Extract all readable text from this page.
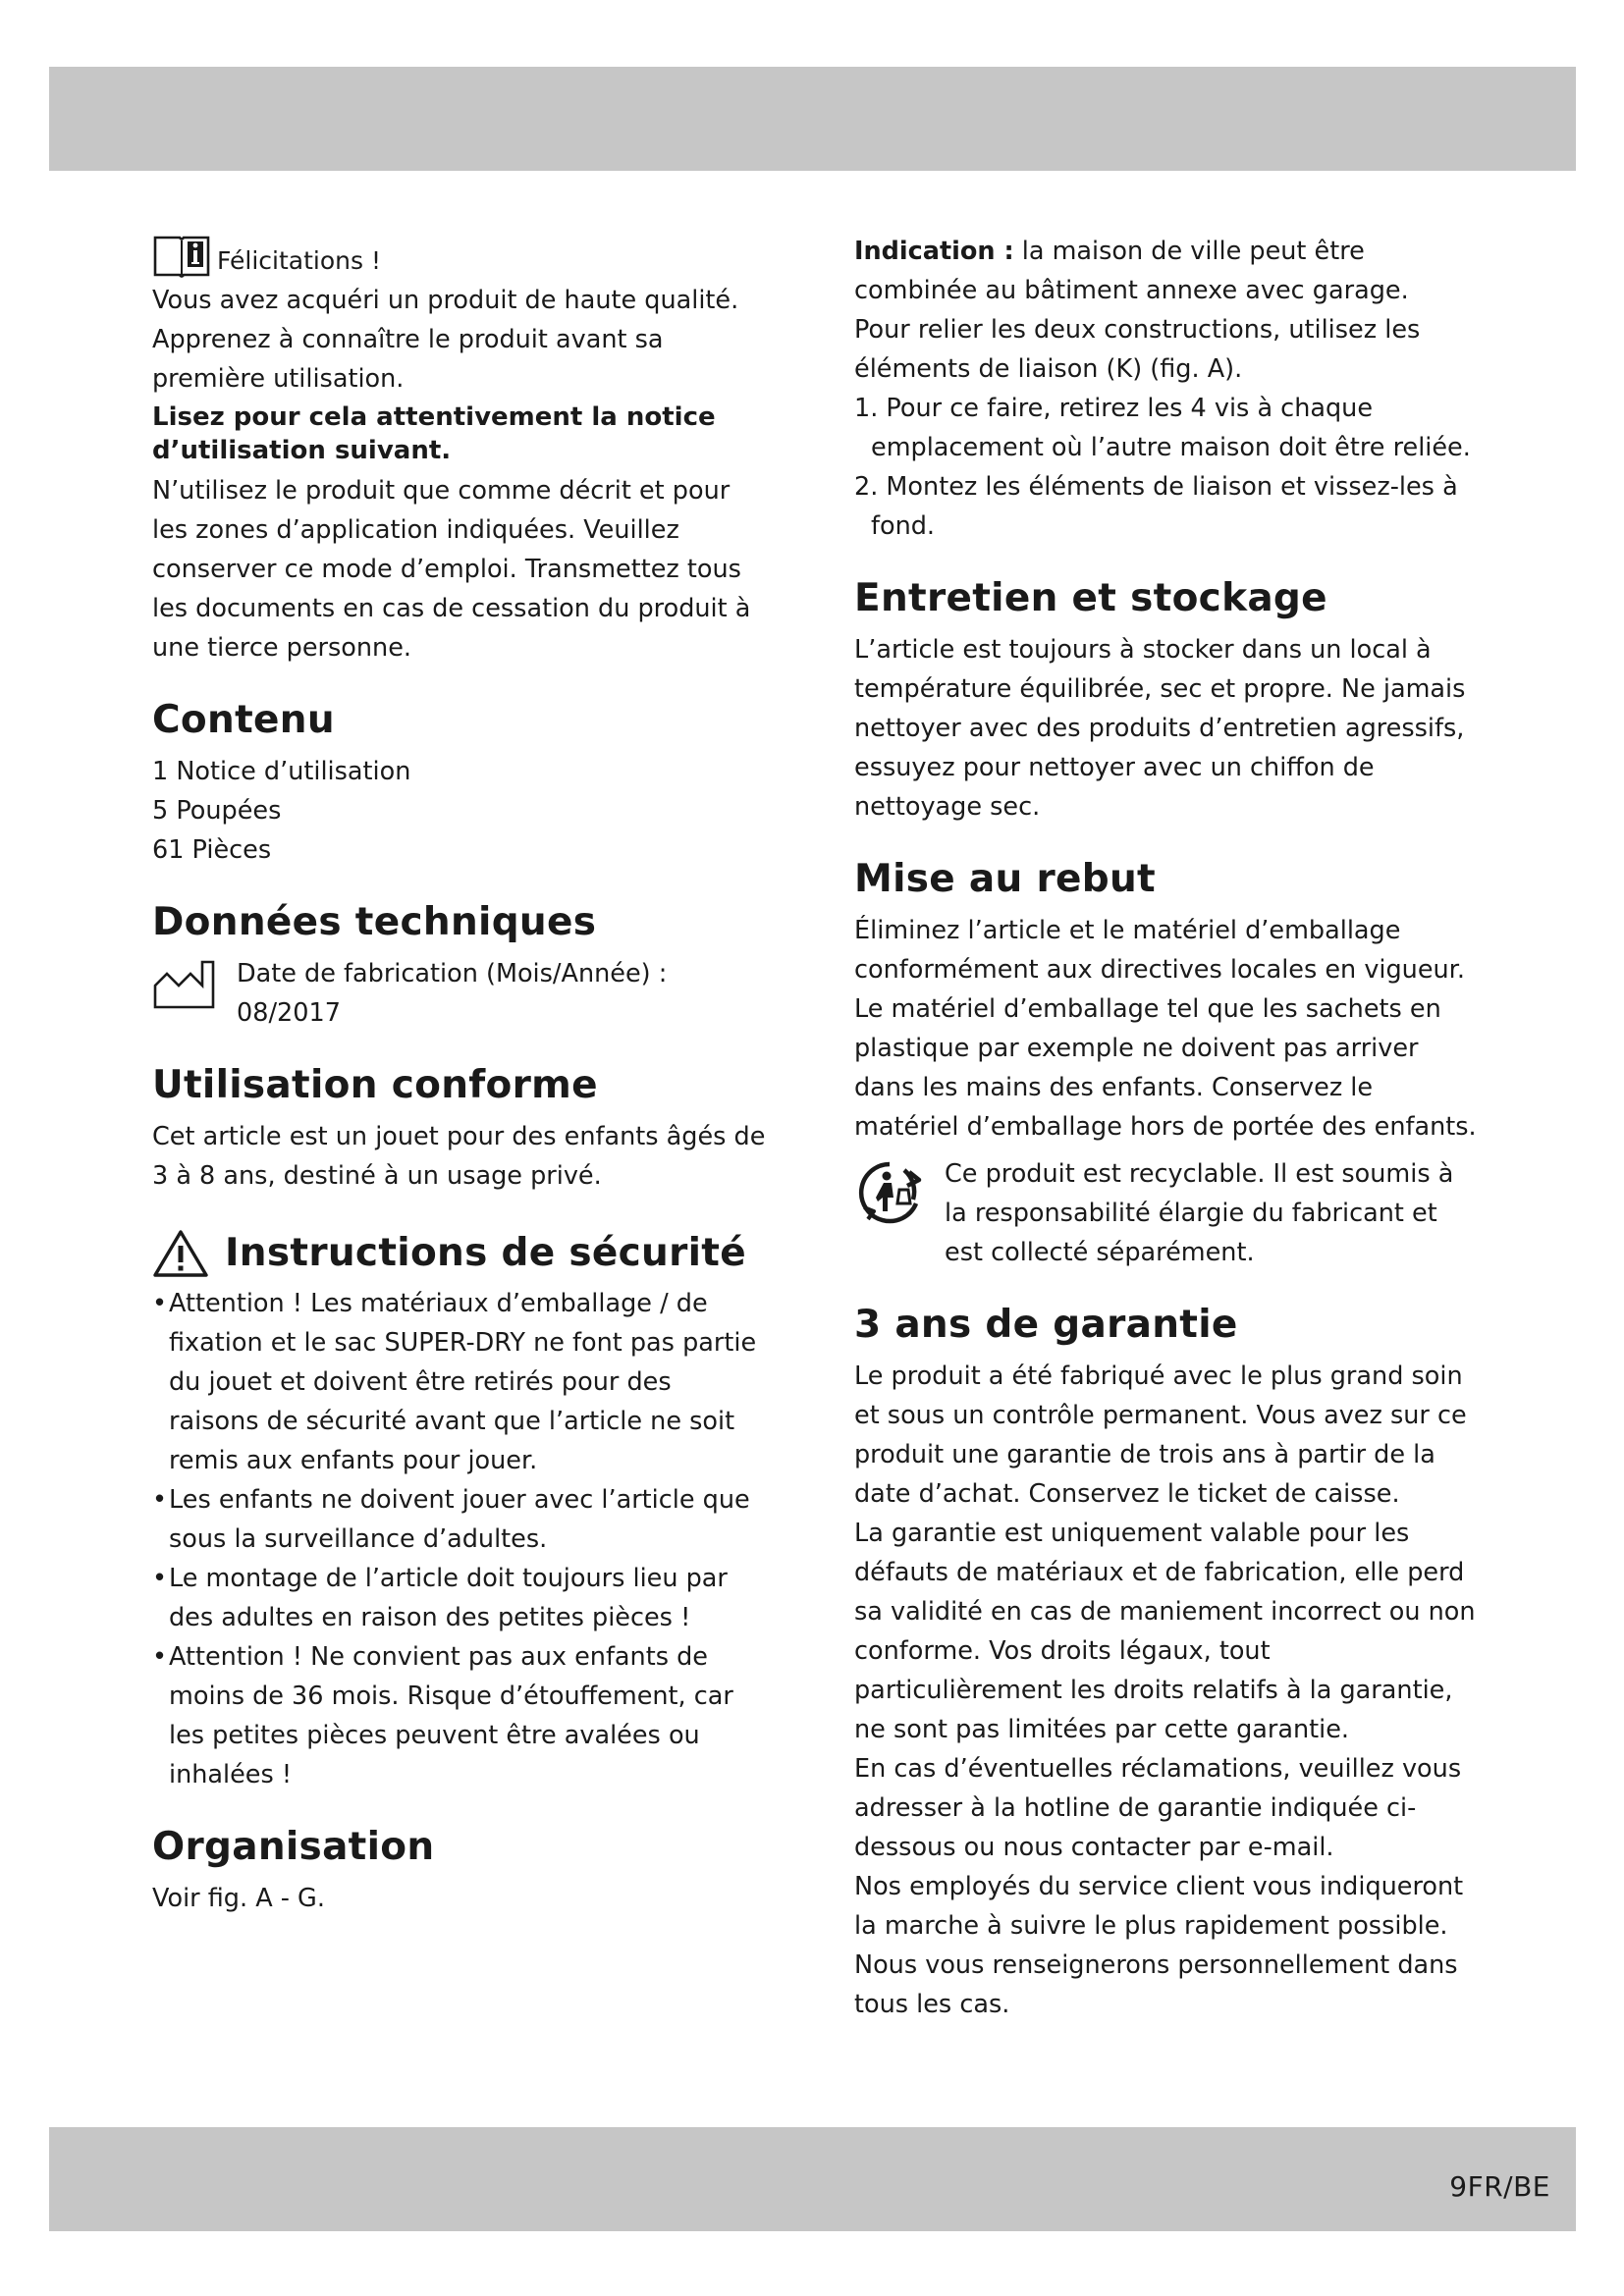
Félicitations !

Vous avez acquéri un produit de haute qualité. Apprenez à connaître le produit avant sa première utilisation.

Lisez pour cela attentivement la notice d’utilisation suivant.

N’utilisez le produit que comme décrit et pour les zones d’application indiquées. Veuillez conserver ce mode d’emploi. Transmettez tous les documents en cas de cessation du produit à une tierce personne.

Contenu

1 Notice d’utilisation

5 Poupées

61 Pièces

Données techniques

Date de fabrication (Mois/Année) :

08/2017

Utilisation conforme

Cet article est un jouet pour des enfants âgés de 3 à 8 ans, destiné à un usage privé.

Instructions de sécurité
• Attention ! Les matériaux d’emballage / de fixation et le sac SUPER-DRY ne font pas partie du jouet et doivent être retirés pour des raisons de sécurité avant que l’article ne soit remis aux enfants pour jouer.
• Les enfants ne doivent jouer avec l’article que sous la surveillance d’adultes.
• Le montage de l’article doit toujours lieu par des adultes en raison des petites pièces !
• Attention ! Ne convient pas aux enfants de moins de 36 mois. Risque d’étouffement, car les petites pièces peuvent être avalées ou inhalées !
Organisation

Voir fig. A - G.

Indication : la maison de ville peut être combinée au bâtiment annexe avec garage.

Pour relier les deux constructions, utilisez les éléments de liaison (K) (fig. A).

1. Pour ce faire, retirez les 4 vis à chaque emplacement où l’autre maison doit être reliée.
2. Montez les éléments de liaison et vissez-les à fond.
Entretien et stockage

L’article est toujours à stocker dans un local à température équilibrée, sec et propre. Ne jamais nettoyer avec des produits d’entretien agressifs, essuyez pour nettoyer avec un chiffon de nettoyage sec.

Mise au rebut

Éliminez l’article et le matériel d’emballage conformément aux directives locales en vigueur. Le matériel d’emballage tel que les sachets en plastique par exemple ne doivent pas arriver dans les mains des enfants. Conservez le matériel d’emballage hors de portée des enfants.

Ce produit est recyclable. Il est soumis à la responsabilité élargie du fabricant et est collecté séparément.

3 ans de garantie

Le produit a été fabriqué avec le plus grand soin et sous un contrôle permanent. Vous avez sur ce produit une garantie de trois ans à partir de la date d’achat. Conservez le ticket de caisse.

La garantie est uniquement valable pour les défauts de matériaux et de fabrication, elle perd sa validité en cas de maniement incorrect ou non conforme. Vos droits légaux, tout particulièrement les droits relatifs à la garantie, ne sont pas limitées par cette garantie.

En cas d’éventuelles réclamations, veuillez vous adresser à la hotline de garantie indiquée ci-dessous ou nous contacter par e-mail.

Nos employés du service client vous indiqueront la marche à suivre le plus rapidement possible. Nous vous renseignerons personnellement dans tous les cas.

9FR/BE
